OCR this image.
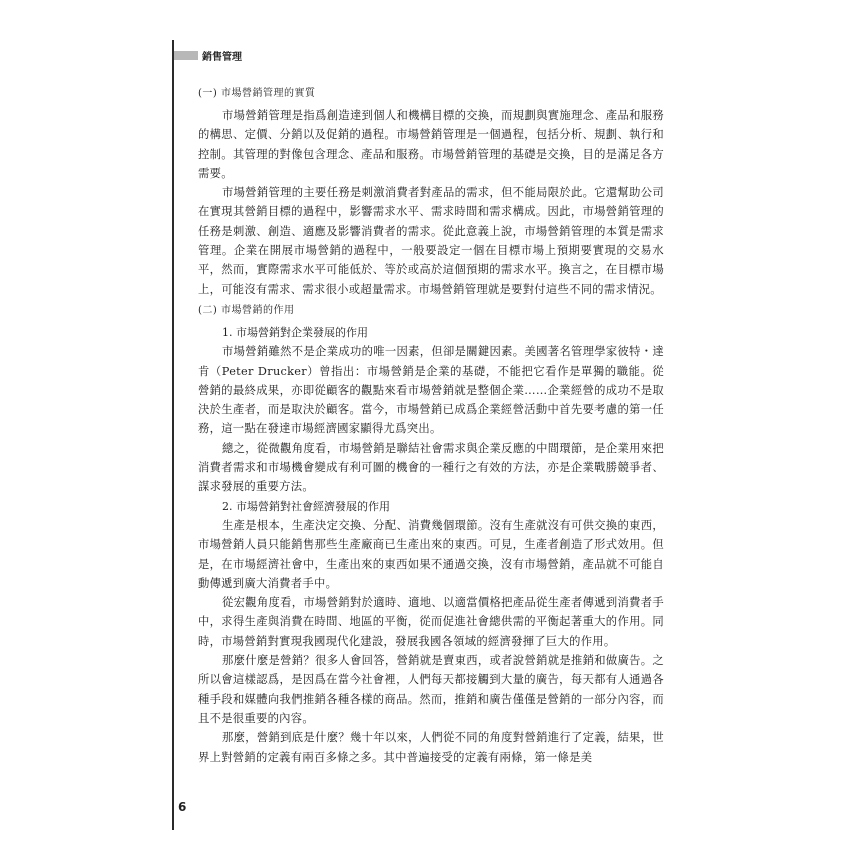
銷售管理
(一) 市場營銷管理的實質

市場營銷管理是指爲創造達到個人和機構目標的交換，而規劃與實施理念、產品和服務的構思、定價、分銷以及促銷的過程。市場營銷管理是一個過程，包括分析、規劃、執行和控制。其管理的對像包含理念、產品和服務。市場營銷管理的基礎是交換，目的是滿足各方需要。

市場營銷管理的主要任務是刺激消費者對產品的需求，但不能局限於此。它還幫助公司在實現其營銷目標的過程中，影響需求水平、需求時間和需求構成。因此，市場營銷管理的任務是刺激、創造、適應及影響消費者的需求。從此意義上說，市場營銷管理的本質是需求管理。企業在開展市場營銷的過程中，一般要設定一個在目標市場上預期要實現的交易水平，然而，實際需求水平可能低於、等於或高於這個預期的需求水平。換言之，在目標市場上，可能沒有需求、需求很小或超量需求。市場營銷管理就是要對付這些不同的需求情況。

(二) 市場營銷的作用
1. 市場營銷對企業發展的作用

市場營銷雖然不是企業成功的唯一因素，但卻是關鍵因素。美國著名管理學家彼特・達肯（Peter Drucker）曾指出：市場營銷是企業的基礎，不能把它看作是單獨的職能。從營銷的最終成果，亦即從顧客的觀點來看市場營銷就是整個企業……企業經營的成功不是取決於生產者，而是取決於顧客。當今，市場營銷已成爲企業經營活動中首先要考慮的第一任務，這一點在發達市場經濟國家顯得尤爲突出。

總之，從微觀角度看，市場營銷是聯結社會需求與企業反應的中間環節，是企業用來把消費者需求和市場機會變成有利可圖的機會的一種行之有效的方法，亦是企業戰勝競爭者、謀求發展的重要方法。

2. 市場營銷對社會經濟發展的作用

生產是根本，生產決定交換、分配、消費幾個環節。沒有生產就沒有可供交換的東西，市場營銷人員只能銷售那些生產廠商已生產出來的東西。可見，生產者創造了形式效用。但是，在市場經濟社會中，生產出來的東西如果不通過交換，沒有市場營銷，產品就不可能自動傳遞到廣大消費者手中。

從宏觀角度看，市場營銷對於適時、適地、以適當價格把產品從生產者傳遞到消費者手中，求得生產與消費在時間、地區的平衡，從而促進社會總供需的平衡起著重大的作用。同時，市場營銷對實現我國現代化建設，發展我國各領域的經濟發揮了巨大的作用。

那麼什麼是營銷？很多人會回答，營銷就是賣東西，或者說營銷就是推銷和做廣告。之所以會這樣認爲，是因爲在當今社會裡，人們每天都接觸到大量的廣告，每天都有人通過各種手段和媒體向我們推銷各種各樣的商品。然而，推銷和廣告僅僅是營銷的一部分內容，而且不是很重要的內容。

那麼，營銷到底是什麼？幾十年以來，人們從不同的角度對營銷進行了定義，結果，世界上對營銷的定義有兩百多條之多。其中普遍接受的定義有兩條，第一條是美

6
